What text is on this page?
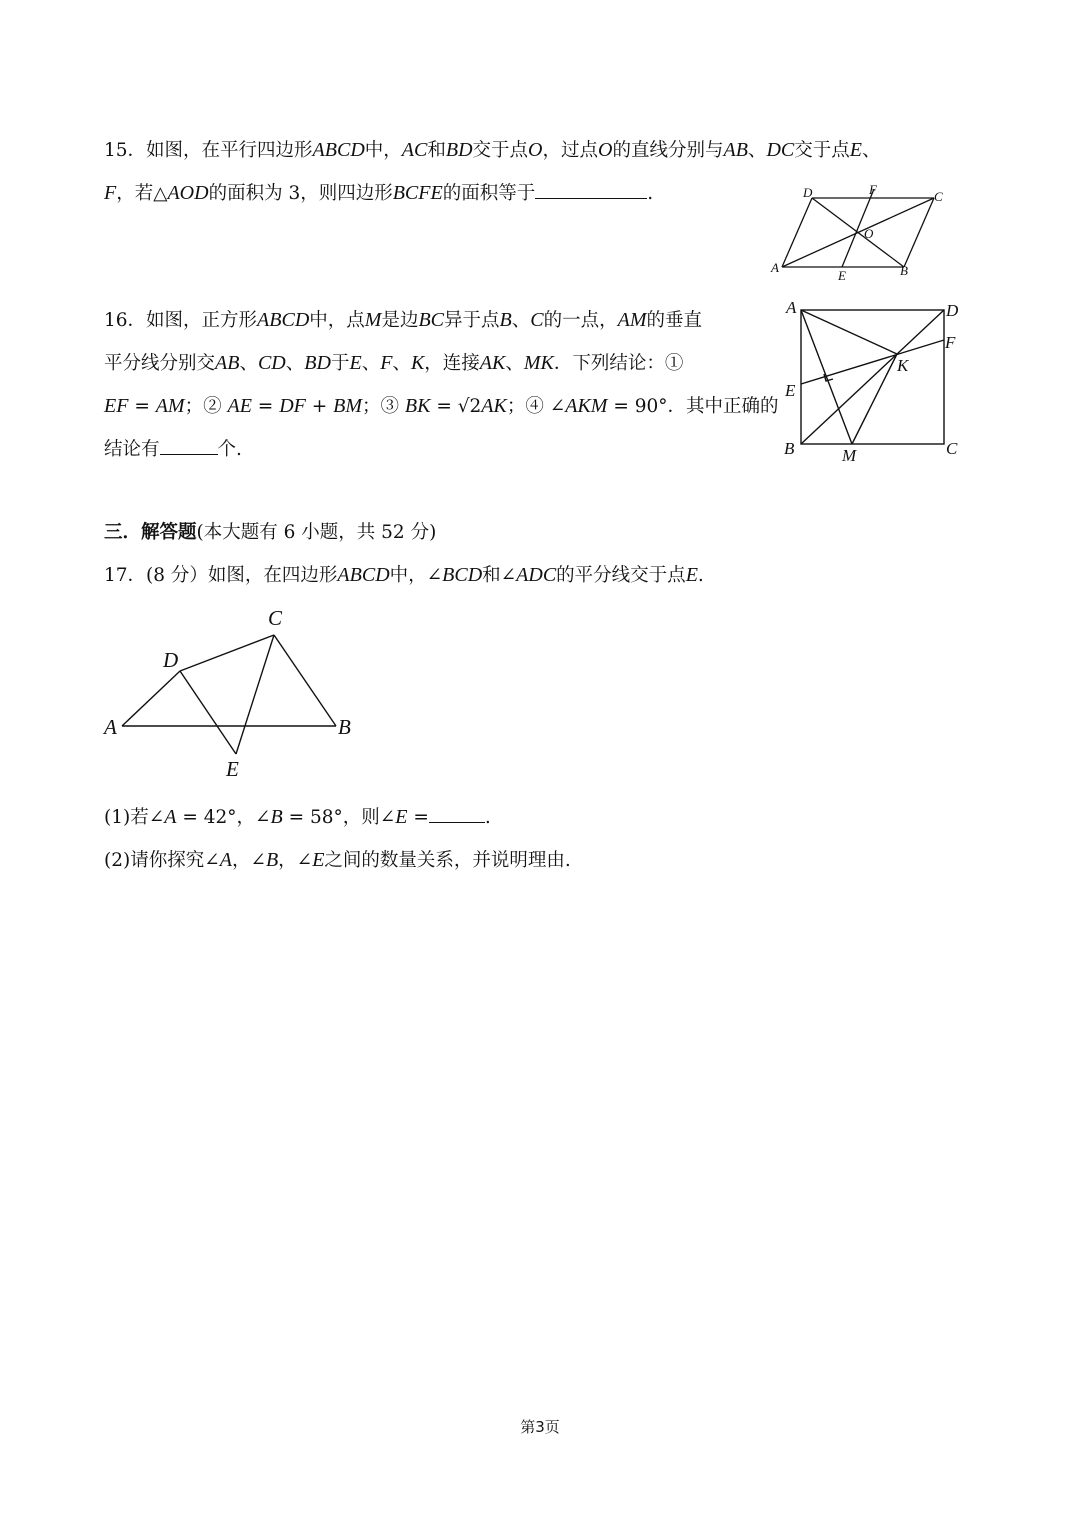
15．如图，在平行四边形ABCD中，AC和BD交于点O，过点O的直线分别与AB、DC交于点E、
F，若△AOD的面积为 3，则四边形BCFE的面积等于	.	D	F	C
O
A
E	B
16．如图，正方形ABCD中，点M是边BC异于点B、C的一点，AM的垂直
平分线分别交AB、CD、BD于E、F、K，连接AK、MK．下列结论：①
EF = AM；② AE = DF + BM；③ BK = √2AK；④ ∠AKM = 90°．其中正确的
结论有	个.
A	D
F
K
E
B	M	C
三．解答题(本大题有 6 小题，共 52 分)
17．(8 分）如图，在四边形ABCD中，∠BCD和∠ADC的平分线交于点E.
C
D
A	B
E
(1)若∠A = 42°，∠B = 58°，则∠E =	.
(2)请你探究∠A，∠B，∠E之间的数量关系，并说明理由.
第3页
